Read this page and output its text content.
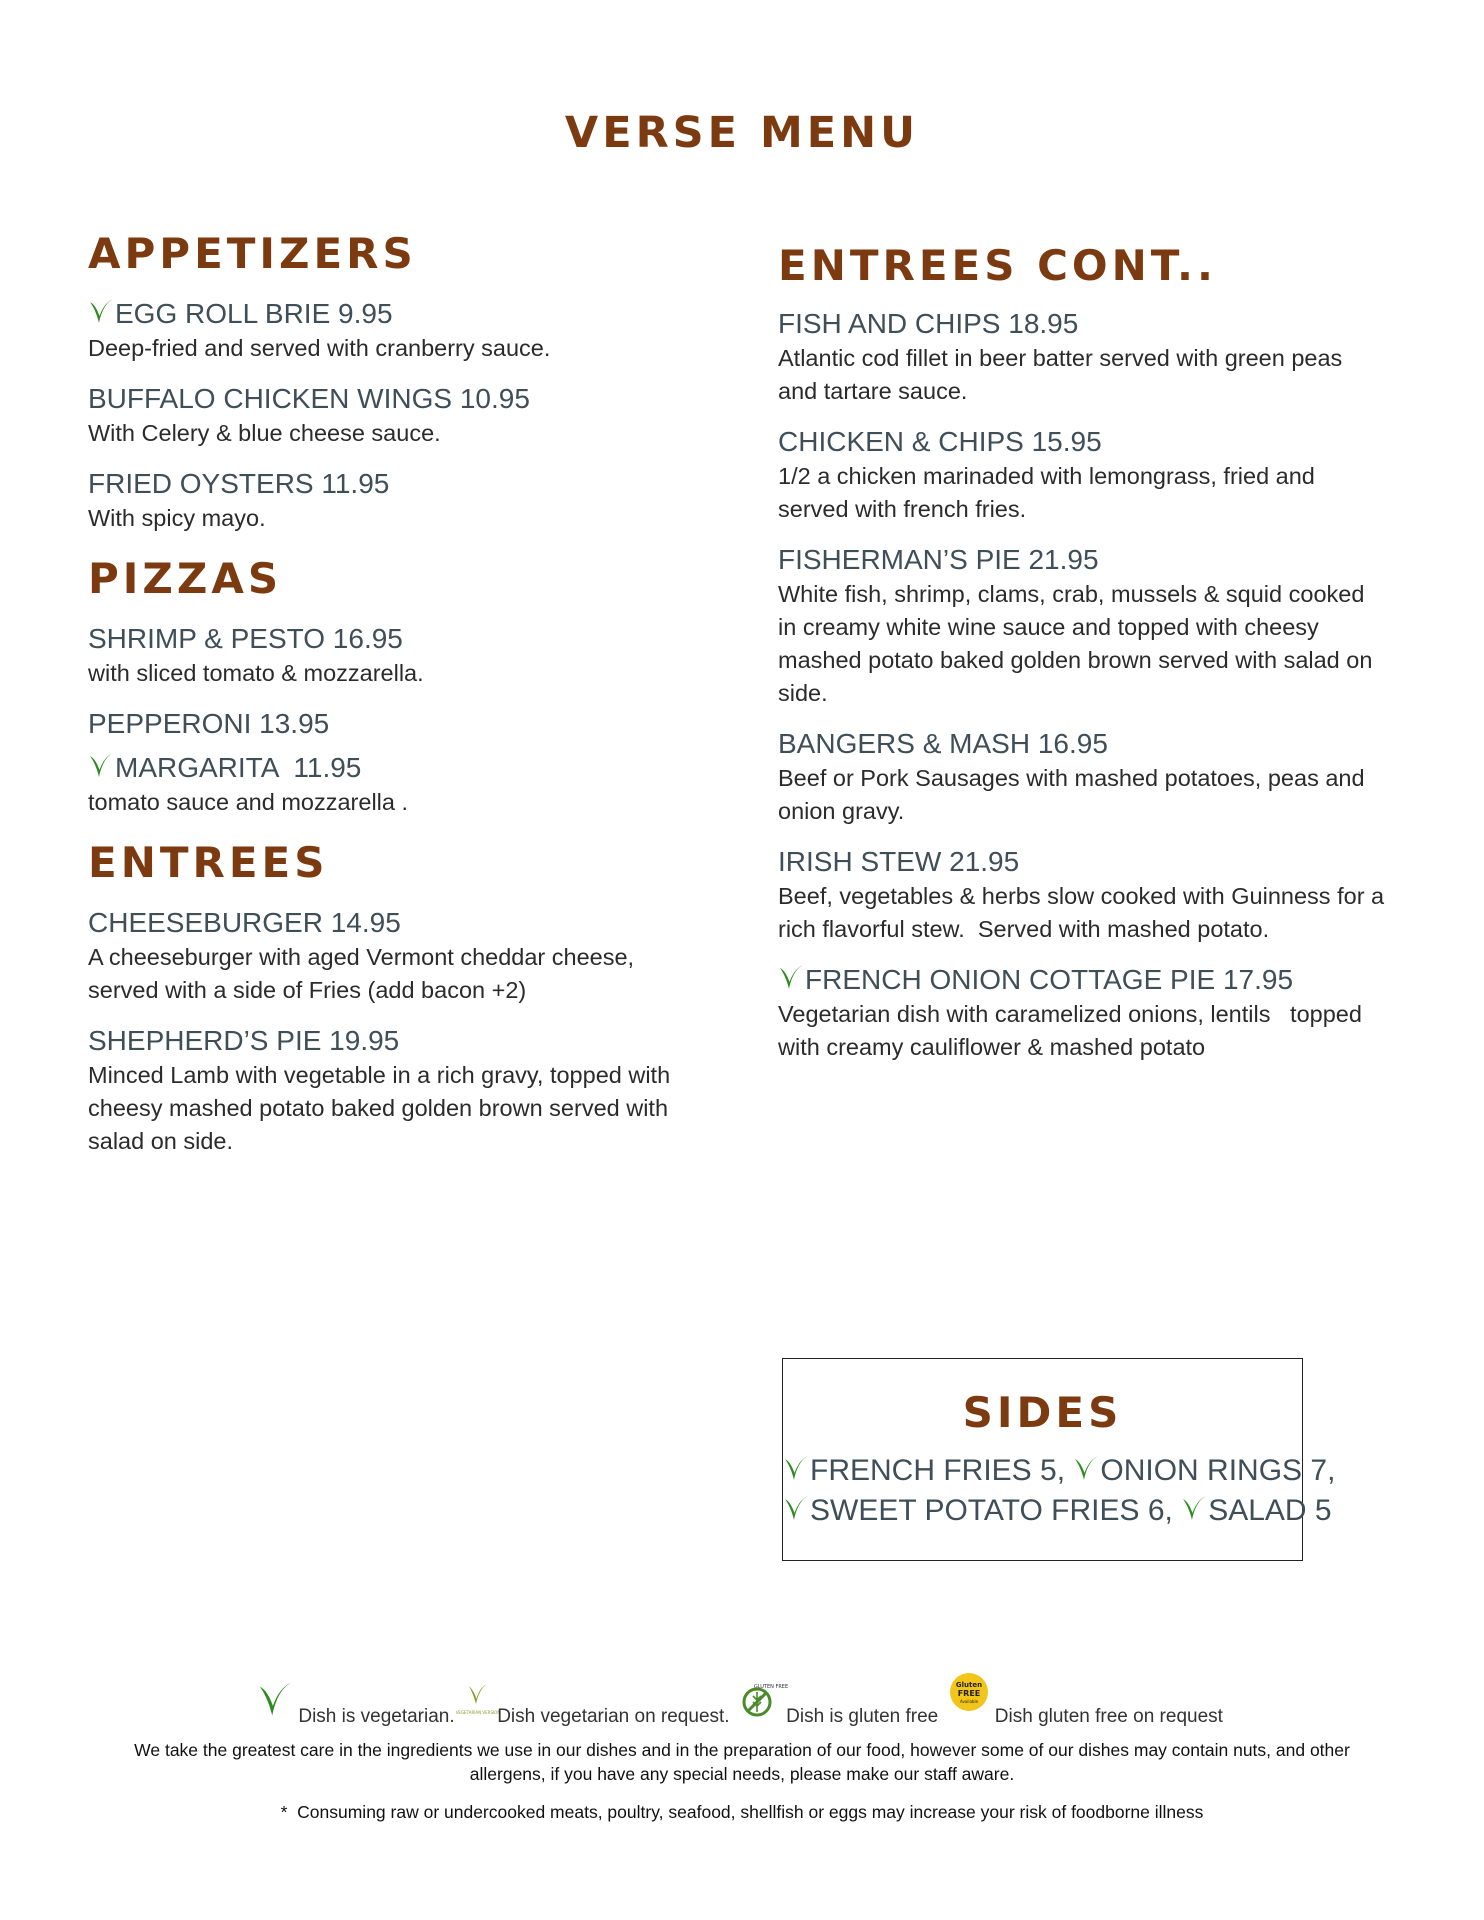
VERSE MENU
APPETIZERS
EGG ROLL BRIE 9.95
Deep-fried and served with cranberry sauce.
BUFFALO CHICKEN WINGS 10.95
With Celery & blue cheese sauce.
FRIED OYSTERS 11.95
With spicy mayo.
PIZZAS
SHRIMP & PESTO 16.95
with sliced tomato & mozzarella.
PEPPERONI 13.95
MARGARITA  11.95
tomato sauce and mozzarella .
ENTREES
CHEESEBURGER 14.95
A cheeseburger with aged Vermont cheddar cheese,
served with a side of Fries (add bacon +2)
SHEPHERD’S PIE 19.95
Minced Lamb with vegetable in a rich gravy, topped with
cheesy mashed potato baked golden brown served with
salad on side.
ENTREES CONT..
FISH AND CHIPS 18.95
Atlantic cod fillet in beer batter served with green peas
and tartare sauce.
CHICKEN & CHIPS 15.95
1/2 a chicken marinaded with lemongrass, fried and
served with french fries.
FISHERMAN’S PIE 21.95
White fish, shrimp, clams, crab, mussels & squid cooked
in creamy white wine sauce and topped with cheesy
mashed potato baked golden brown served with salad on
side.
BANGERS & MASH 16.95
Beef or Pork Sausages with mashed potatoes, peas and
onion gravy.
IRISH STEW 21.95
Beef, vegetables & herbs slow cooked with Guinness for a
rich flavorful stew.  Served with mashed potato.
FRENCH ONION COTTAGE PIE 17.95
Vegetarian dish with caramelized onions, lentils   topped
with creamy cauliflower & mashed potato
SIDES
FRENCH FRIES 5, ONION RINGS 7,
SWEET POTATO FRIES 6, SALAD 5
Dish is vegetarian. VEGETARIAN VERSION
Dish vegetarian on request.
GLUTEN FREE
Dish is gluten free
Gluten
FREE
Available
Dish gluten free on request
We take the greatest care in the ingredients we use in our dishes and in the preparation of our food, however some of our dishes may contain nuts, and other
allergens, if you have any special needs, please make our staff aware.
*  Consuming raw or undercooked meats, poultry, seafood, shellfish or eggs may increase your risk of foodborne illness
